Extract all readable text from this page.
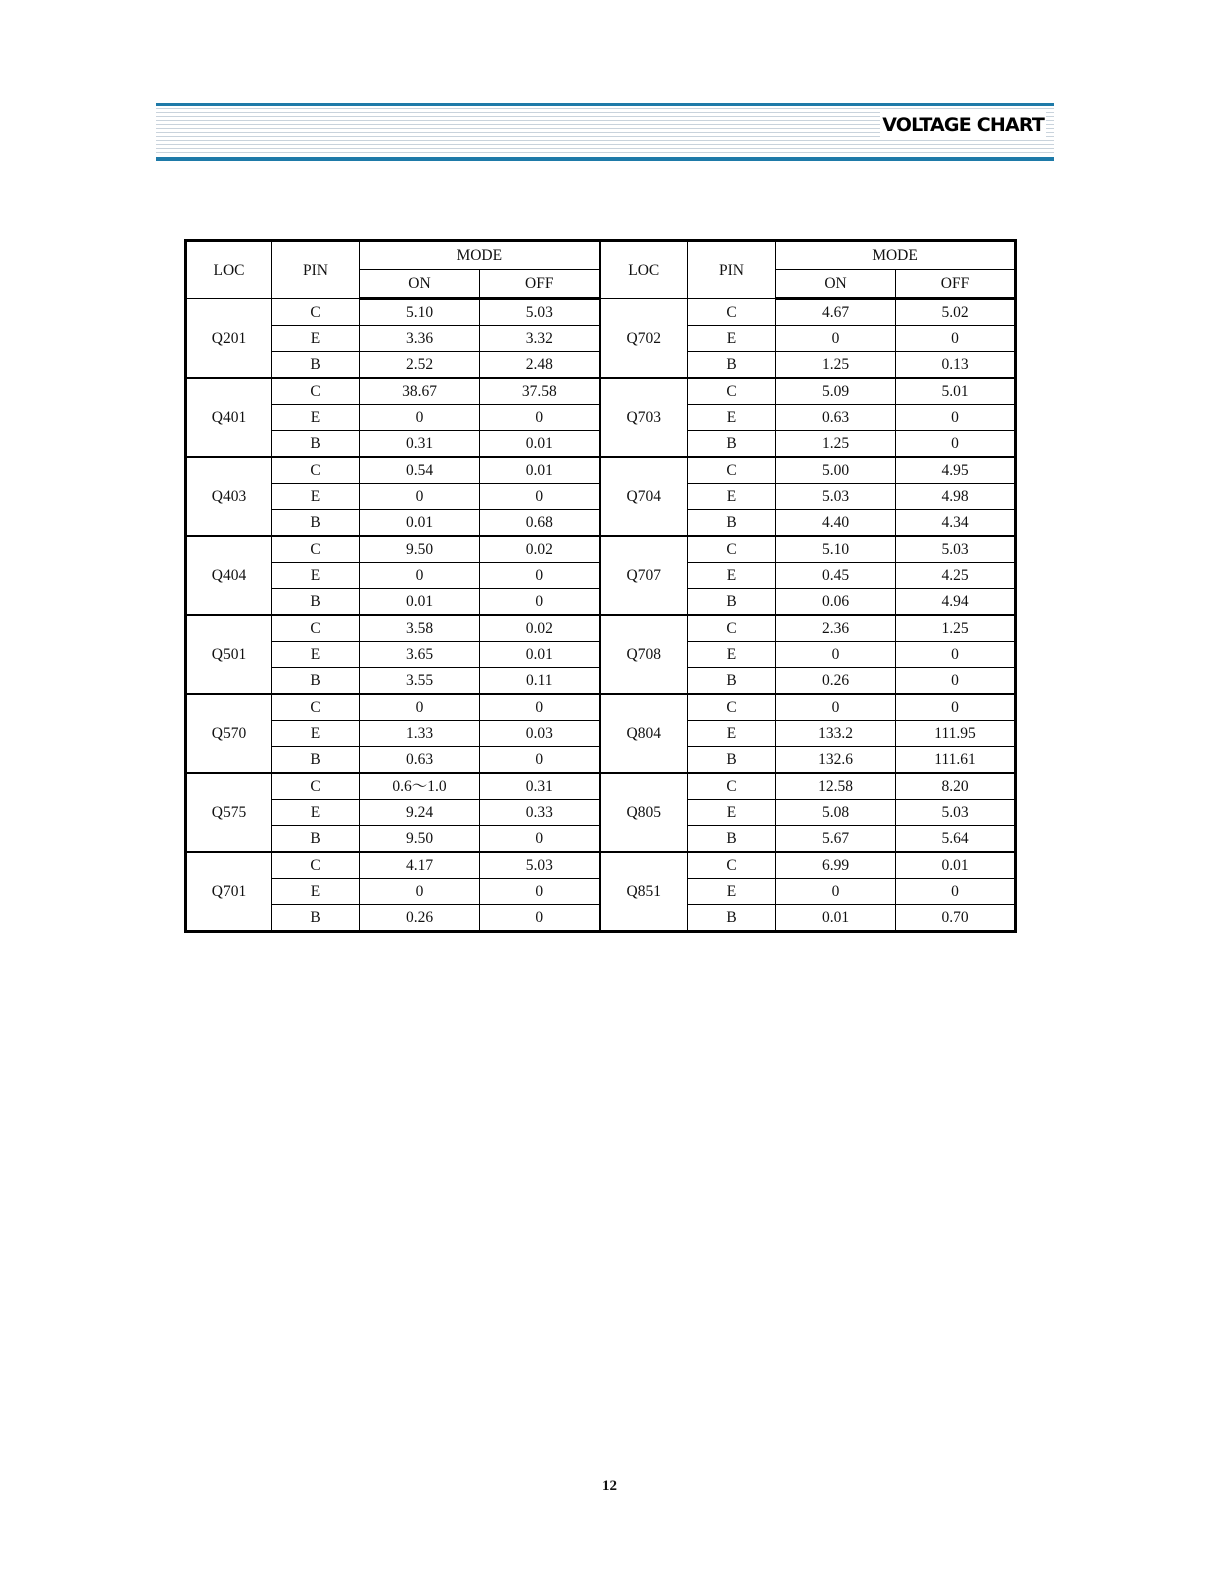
VOLTAGE CHART
LOC	PIN	MODE		LOC	PIN	MODE	
		ON	OFF			ON	OFF
Q201	C	5.10	5.03	Q702	C	4.67	5.02
	E	3.36	3.32		E	0	0
	B	2.52	2.48		B	1.25	0.13
Q401	C	38.67	37.58	Q703	C	5.09	5.01
	E	0	0		E	0.63	0
	B	0.31	0.01		B	1.25	0
Q403	C	0.54	0.01	Q704	C	5.00	4.95
	E	0	0		E	5.03	4.98
	B	0.01	0.68		B	4.40	4.34
Q404	C	9.50	0.02	Q707	C	5.10	5.03
	E	0	0		E	0.45	4.25
	B	0.01	0		B	0.06	4.94
Q501	C	3.58	0.02	Q708	C	2.36	1.25
	E	3.65	0.01		E	0	0
	B	3.55	0.11		B	0.26	0
Q570	C	0	0	Q804	C	0	0
	E	1.33	0.03		E	133.2	111.95
	B	0.63	0		B	132.6	111.61
Q575	C	0.6～1.0	0.31	Q805	C	12.58	8.20
	E	9.24	0.33		E	5.08	5.03
	B	9.50	0		B	5.67	5.64
Q701	C	4.17	5.03	Q851	C	6.99	0.01
	E	0	0		E	0	0
	B	0.26	0		B	0.01	0.70
12
